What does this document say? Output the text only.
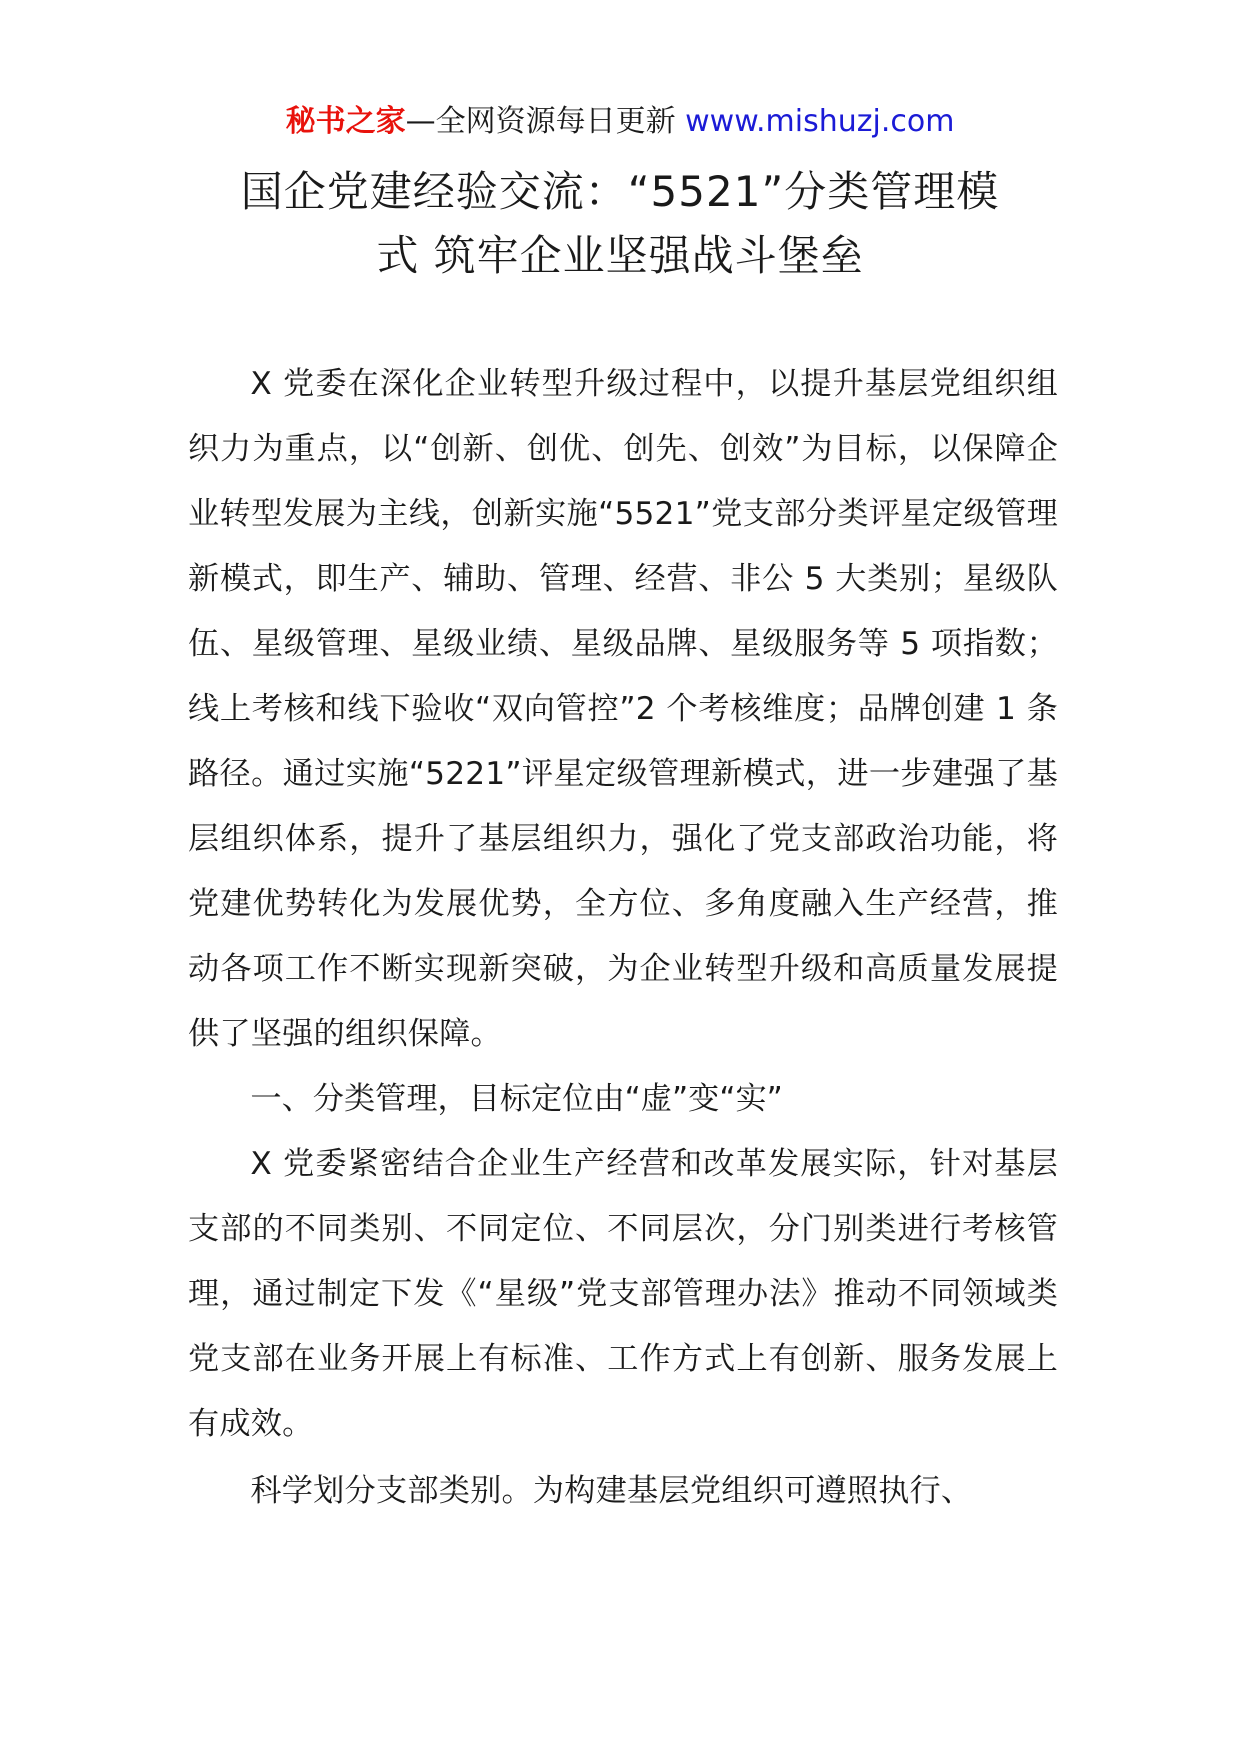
秘书之家—全网资源每日更新 www.mishuzj.com
国企党建经验交流：“5521”分类管理模
式 筑牢企业坚强战斗堡垒

X 党委在深化企业转型升级过程中，以提升基层党组织组织力为重点，以“创新、创优、创先、创效”为目标，以保障企业转型发展为主线，创新实施“5521”党支部分类评星定级管理新模式，即生产、辅助、管理、经营、非公 5 大类别；星级队伍、星级管理、星级业绩、星级品牌、星级服务等 5 项指数；线上考核和线下验收“双向管控”2 个考核维度；品牌创建 1 条路径。通过实施“5221”评星定级管理新模式，进一步建强了基层组织体系，提升了基层组织力，强化了党支部政治功能，将党建优势转化为发展优势，全方位、多角度融入生产经营，推动各项工作不断实现新突破，为企业转型升级和高质量发展提供了坚强的组织保障。

一、分类管理，目标定位由“虚”变“实”

X 党委紧密结合企业生产经营和改革发展实际，针对基层支部的不同类别、不同定位、不同层次，分门别类进行考核管理，通过制定下发《“星级”党支部管理办法》推动不同领域类党支部在业务开展上有标准、工作方式上有创新、服务发展上有成效。

科学划分支部类别。为构建基层党组织可遵照执行、
